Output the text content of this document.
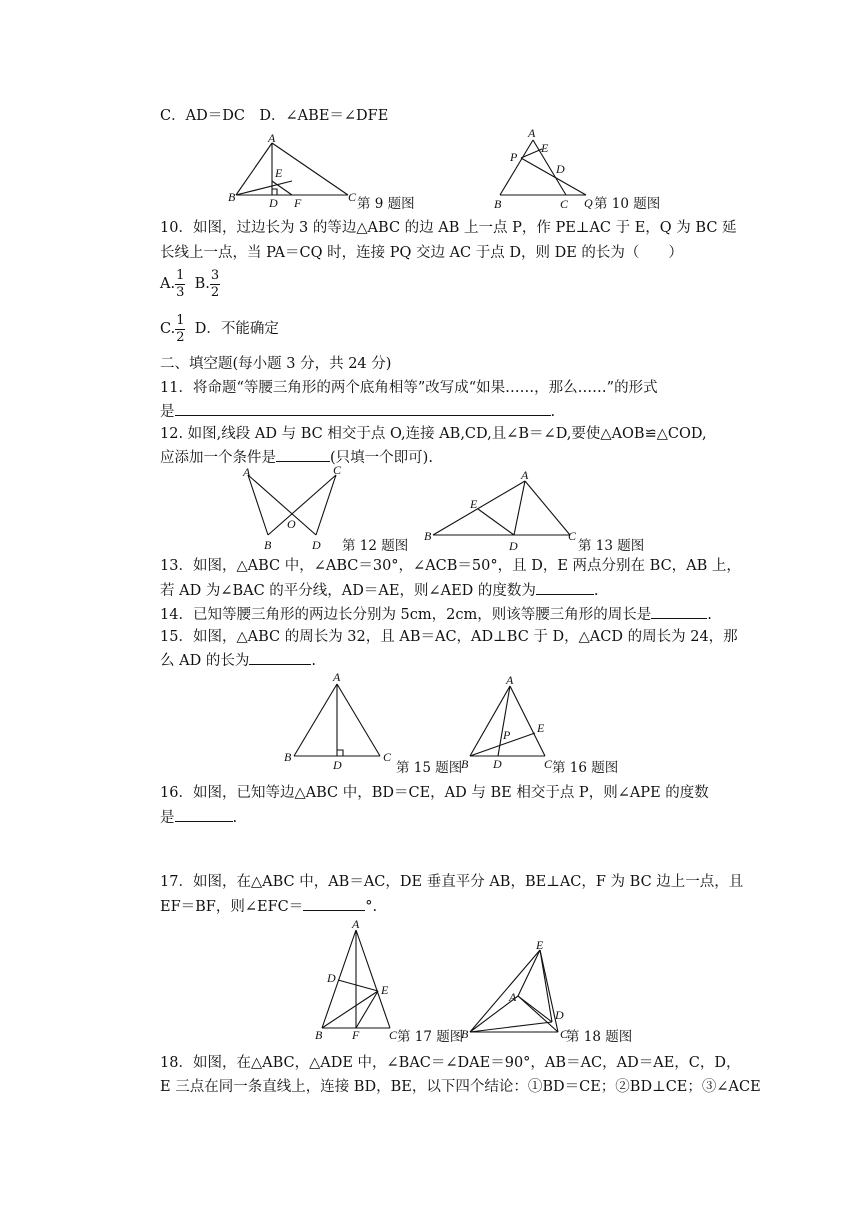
C．AD＝DC　D．∠ABE＝∠DFE
A
B	C
D
E
F	第 9 题图
A
P
E
D
B	C Q 第 10 题图
10．如图，过边长为 3 的等边△ABC 的边 AB 上一点 P，作 PE⊥AC 于 E，Q 为 BC 延
长线上一点，当 PA＝CQ 时，连接 PQ 交边 AC 于点 D，则 DE 的长为（　　）
A. $\frac{1}{3} B$. $\frac{3}{2}$
C. $\frac{1}{2}$ D．不能确定
二、填空题(每小题 3 分，共 24 分)
11．将命题“等腰三角形的两个底角相等”改写成“如果……，那么……”的形式
是	.
12. 如图,线段 AD 与 BC 相交于点 O,连接 AB,CD,且∠B＝∠D,要使△AOB≌△COD,
应添加一个条件是	(只填一个即可).
A	C
O
B	D 第 12 题图
A
E
B
D
C
第 13 题图
13．如图，△ABC 中，∠ABC＝30°，∠ACB＝50°，且 D，E 两点分别在 BC，AB 上，
若 AD 为∠BAC 的平分线，AD＝AE，则∠AED 的度数为	.
14．已知等腰三角形的两边长分别为 5cm，2cm，则该等腰三角形的周长是	.
15．如图，△ABC 的周长为 32，且 AB＝AC，AD⊥BC 于 D，△ACD 的周长为 24，那
么 AD 的长为	.
A
B
D
C
第 15 题图
A
P E
B D	C 第 16 题图
16．如图，已知等边△ABC 中，BD＝CE，AD 与 BE 相交于点 P，则∠APE 的度数
是	.
17．如图，在△ABC 中，AB＝AC，DE 垂直平分 AB，BE⊥AC，F 为 BC 边上一点，且
EF＝BF，则∠EFC＝	°.
A
D
E
B F C 第 17 题图
E
A
D
B	C
第 18 题图
18．如图，在△ABC，△ADE 中，∠BAC＝∠DAE＝90°，AB＝AC，AD＝AE，C，D，
E 三点在同一条直线上，连接 BD，BE，以下四个结论：①BD＝CE；②BD⊥CE；③∠ACE
